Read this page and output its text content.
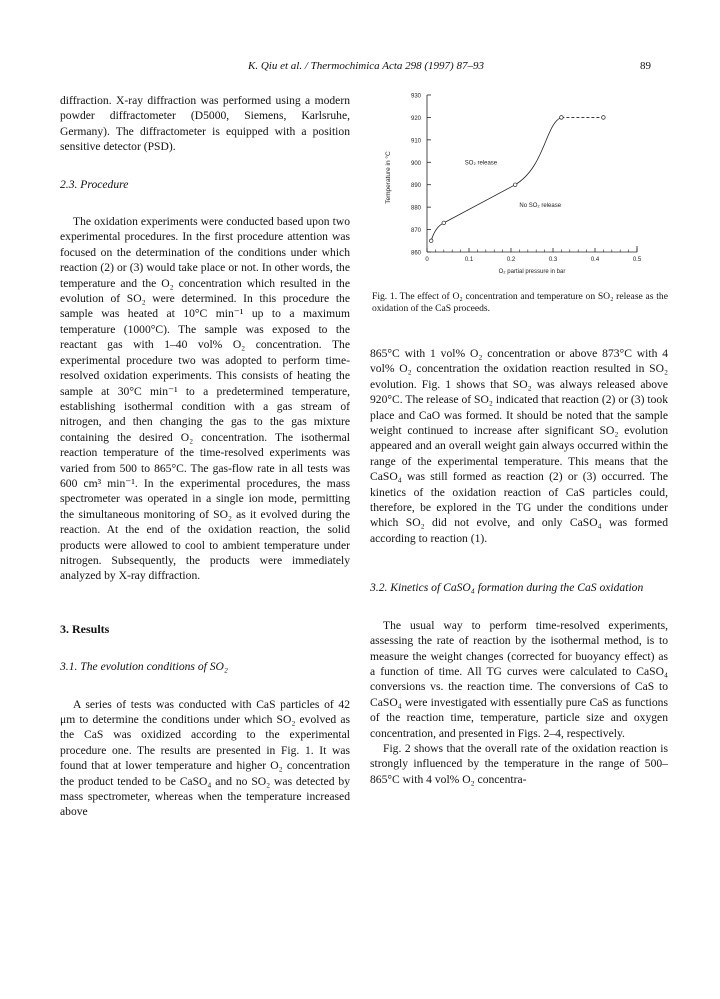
K. Qiu et al. / Thermochimica Acta 298 (1997) 87–93	89

diffraction. X-ray diffraction was performed using a modern powder diffractometer (D5000, Siemens, Karlsruhe, Germany). The diffractometer is equipped with a position sensitive detector (PSD).

2.3. Procedure

The oxidation experiments were conducted based upon two experimental procedures. In the first procedure attention was focused on the determination of the conditions under which reaction (2) or (3) would take place or not. In other words, the temperature and the O₂ concentration which resulted in the evolution of SO₂ were determined. In this procedure the sample was heated at 10°C min⁻¹ up to a maximum temperature (1000°C). The sample was exposed to the reactant gas with 1–40 vol% O₂ concentration. The experimental procedure two was adopted to perform time-resolved oxidation experiments. This consists of heating the sample at 30°C min⁻¹ to a predetermined temperature, establishing isothermal condition with a gas stream of nitrogen, and then changing the gas to the gas mixture containing the desired O₂ concentration. The isothermal reaction temperature of the time-resolved experiments was varied from 500 to 865°C. The gas-flow rate in all tests was 600 cm³ min⁻¹. In the experimental procedures, the mass spectrometer was operated in a single ion mode, permitting the simultaneous monitoring of SO₂ as it evolved during the reaction. At the end of the oxidation reaction, the solid products were allowed to cool to ambient temperature under nitrogen. Subsequently, the products were immediately analyzed by X-ray diffraction.

3. Results
3.1. The evolution conditions of SO₂

A series of tests was conducted with CaS particles of 42 μm to determine the conditions under which SO₂ evolved as the CaS was oxidized according to the experimental procedure one. The results are presented in Fig. 1. It was found that at lower temperature and higher O₂ concentration the product tended to be CaSO₄ and no SO₂ was detected by mass spectrometer, whereas when the temperature increased above

860
870
880
890
900
910
920
930
0	0.1	0.2	0.3	0.4	0.5
O₂ partial pressure in bar
Temperature in °C	SO₂ release
No SO₂ release
Fig. 1. The effect of O₂ concentration and temperature on SO₂ release as the oxidation of the CaS proceeds.

865°C with 1 vol% O₂ concentration or above 873°C with 4 vol% O₂ concentration the oxidation reaction resulted in SO₂ evolution. Fig. 1 shows that SO₂ was always released above 920°C. The release of SO₂ indicated that reaction (2) or (3) took place and CaO was formed. It should be noted that the sample weight continued to increase after significant SO₂ evolution appeared and an overall weight gain always occurred within the range of the experimental temperature. This means that the CaSO₄ was still formed as reaction (2) or (3) occurred. The kinetics of the oxidation reaction of CaS particles could, therefore, be explored in the TG under the conditions under which SO₂ did not evolve, and only CaSO₄ was formed according to reaction (1).

3.2. Kinetics of CaSO₄ formation during the CaS oxidation

The usual way to perform time-resolved experiments, assessing the rate of reaction by the isothermal method, is to measure the weight changes (corrected for buoyancy effect) as a function of time. All TG curves were calculated to CaSO₄ conversions vs. the reaction time. The conversions of CaS to CaSO₄ were investigated with essentially pure CaS as functions of the reaction time, temperature, particle size and oxygen concentration, and presented in Figs. 2–4, respectively.

Fig. 2 shows that the overall rate of the oxidation reaction is strongly influenced by the temperature in the range of 500–865°C with 4 vol% O₂ concentra-
